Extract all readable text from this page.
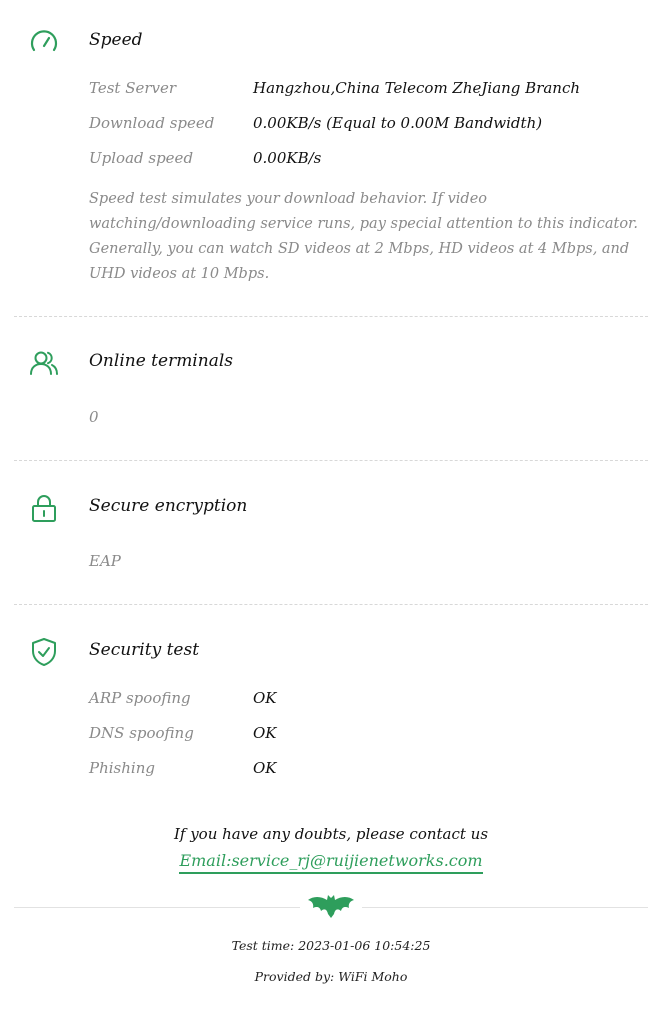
Speed
Test Server	Hangzhou,China Telecom ZheJiang Branch
Download speed	0.00KB/s (Equal to 0.00M Bandwidth)
Upload speed	0.00KB/s
Speed test simulates your download behavior. If video watching/downloading service runs, pay special attention to this indicator. Generally, you can watch SD videos at 2 Mbps, HD videos at 4 Mbps, and UHD videos at 10 Mbps.
Online terminals
0
Secure encryption
EAP
Security test
ARP spoofing	OK
DNS spoofing	OK
Phishing	OK
If you have any doubts, please contact us
Email:service_rj@ruijienetworks.com
Test time: 2023-01-06 10:54:25
Provided by: WiFi Moho
